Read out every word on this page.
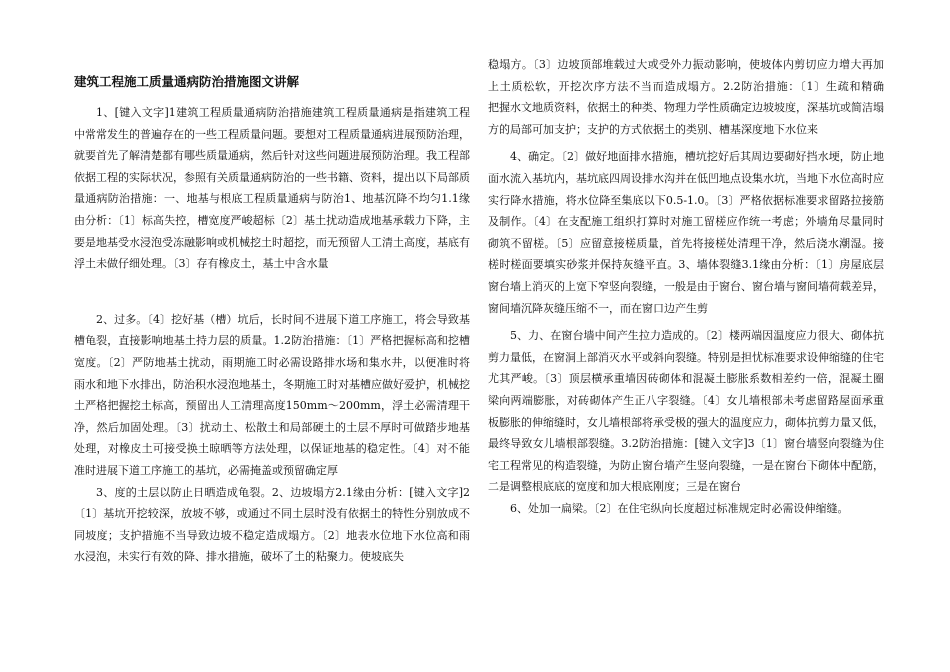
建筑工程施工质量通病防治措施图文讲解

1、[键入文字]1建筑工程质量通病防治措施建筑工程质量通病是指建筑工程中常常发生的普遍存在的一些工程质量问题。要想对工程质量通病进展预防治理，就要首先了解清楚都有哪些质量通病，然后针对这些问题进展预防治理。我工程部依据工程的实际状况，参照有关质量通病防治的一些书籍、资料，提出以下局部质量通病防治措施：一、地基与根底工程质量通病与防治1、地基沉降不均匀1.1缘由分析：〔1〕标高失控，槽宽度严峻超标〔2〕基土扰动造成地基承载力下降，主要是地基受水浸泡受冻融影响或机械挖土时超挖，而无预留人工清土高度，基底有浮土未做仔细处理。〔3〕存有橡皮土，基土中含水量

2、过多。〔4〕挖好基（槽）坑后，长时间不进展下道工序施工，将会导致基槽龟裂，直接影响地基土持力层的质量。1.2防治措施：〔1〕严格把握标高和挖槽宽度。〔2〕严防地基土扰动，雨期施工时必需设路排水场和集水井，以便准时将雨水和地下水排出，防治积水浸泡地基土，冬期施工时对基槽应做好爱护，机械挖土严格把握挖土标高，预留出人工清理高度150mm～200mm，浮土必需清理干净，然后加固处理。〔3〕扰动土、松散土和局部硬土的土层不厚时可做踏步地基处理，对橡皮土可接受换土晾晒等方法处理，以保证地基的稳定性。〔4〕对不能准时进展下道工序施工的基坑，必需掩盖或预留确定厚

3、度的土层以防止日晒造成龟裂。2、边坡塌方2.1缘由分析：[键入文字]2〔1〕基坑开挖较深，放坡不够，或通过不同土层时没有依据土的特性分别放成不同坡度；支护措施不当导致边坡不稳定造成塌方。〔2〕地表水位地下水位高和雨水浸泡，未实行有效的降、排水措施，破坏了土的粘聚力。使坡底失

稳塌方。〔3〕边坡顶部堆载过大或受外力振动影响，使坡体内剪切应力增大再加上土质松软，开挖次序方法不当而造成塌方。2.2防治措施：〔1〕生疏和精确　　把握水文地质资料，依据土的种类、物理力学性质确定边坡坡度，深基坑或简洁塌方的局部可加支护；支护的方式依据土的类别、槽基深度地下水位来

4、确定。〔2〕做好地面排水措施，槽坑挖好后其周边要砌好挡水埂，防止地面水流入基坑内，基坑底四周设排水沟并在低凹地点设集水坑，当地下水位高时应实行降水措施，将水位降至集底以下0.5-1.0。〔3〕严格依据标准要求留路拉接筋及制作。〔4〕在支配施工组织打算时对施工留槎应作统一考虑；外墙角尽量同时砌筑不留槎。〔5〕应留意接槎质量，首先将接槎处清理干净，然后浇水潮湿。接槎时槎面要填实砂浆并保持灰缝平直。3、墙体裂缝3.1缘由分析：〔1〕房屋底层窗台墙上消灭的上宽下窄竖向裂缝，一般是由于窗台、窗台墙与窗间墙荷载差异，窗间墙沉降灰缝压缩不一，而在窗口边产生剪

5、力、在窗台墙中间产生拉力造成的。〔2〕楼两端因温度应力很大、砌体抗剪力量低，在窗洞上部消灭水平或斜向裂缝。特别是担忧标准要求设伸缩缝的住宅尤其严峻。〔3〕顶层横承重墙因砖砌体和混凝土膨胀系数相差约一倍，混凝土圈梁向两端膨胀，对砖砌体产生正八字裂缝。〔4〕女儿墙根部未考虑留路屋面承重板膨胀的伸缩缝时，女儿墙根部将承受极的强大的温度应力，砌体抗剪力量又低，最终导致女儿墙根部裂缝。3.2防治措施：[键入文字]3〔1〕窗台墙竖向裂缝为住宅工程常见的构造裂缝，为防止窗台墙产生竖向裂缝，一是在窗台下砌体中配筋，二是调整根底底的宽度和加大根底刚度；三是在窗台

6、处加一扁梁。〔2〕在住宅纵向长度超过标准规定时必需设伸缩缝。
